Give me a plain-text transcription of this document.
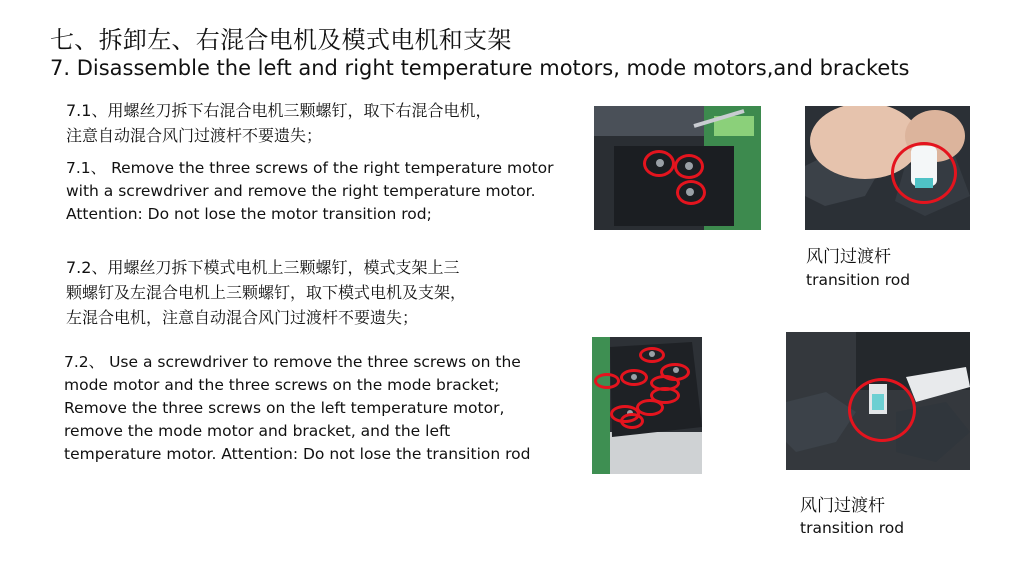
七、拆卸左、右混合电机及模式电机和支架
7. Disassemble the left and right temperature motors, mode motors,and brackets
7.1、用螺丝刀拆下右混合电机三颗螺钉，取下右混合电机，
注意自动混合风门过渡杆不要遗失；
7.1、 Remove the three screws of the right temperature motor
with a screwdriver and remove the right temperature motor.
Attention: Do not lose the motor transition rod;
7.2、用螺丝刀拆下模式电机上三颗螺钉，模式支架上三
颗螺钉及左混合电机上三颗螺钉，取下模式电机及支架，
左混合电机，注意自动混合风门过渡杆不要遗失；
7.2、 Use a screwdriver to remove the three screws on the
mode motor and the three screws on the mode bracket;
Remove the three screws on the left temperature motor,
remove the mode motor and bracket, and the left
temperature motor. Attention: Do not lose the transition rod
风门过渡杆
transition rod
风门过渡杆
transition rod
